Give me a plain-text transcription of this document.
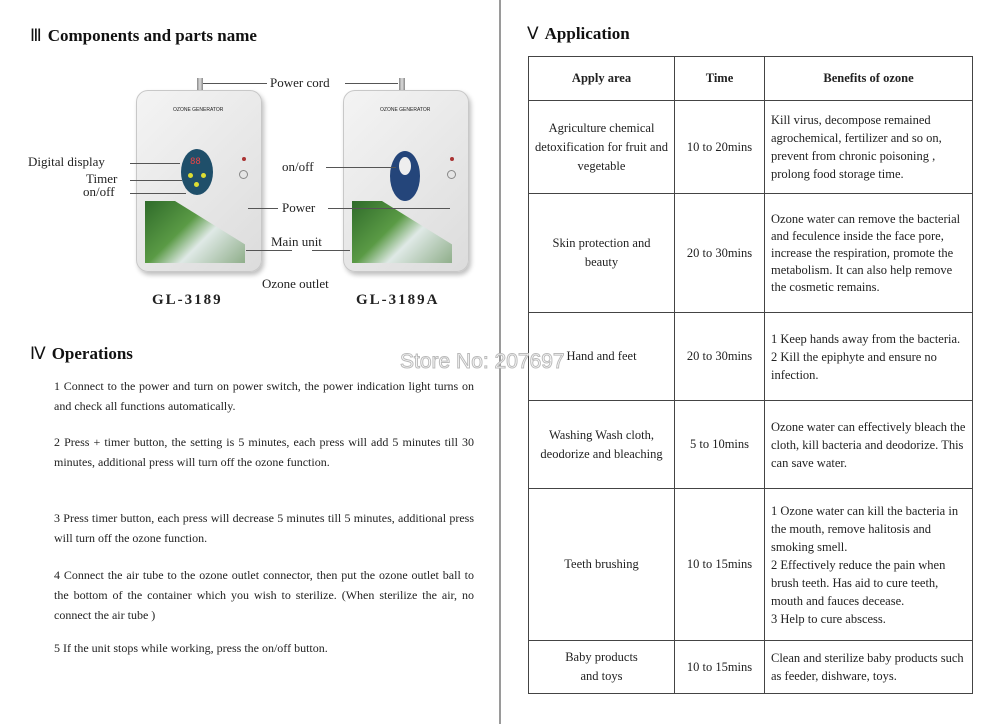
Ⅲ Components and parts name
OZONE GENERATOR
88
OZONE GENERATOR
Power cord
Digital display
Timer
on/off
on/off
Power
Main unit
Ozone outlet
GL-3189	GL-3189A
Ⅳ Operations
1 Connect to the power and turn on power switch, the power indication light turns on and check all functions automatically.
2 Press + timer button, the setting is 5 minutes, each press will add 5 minutes till 30 minutes, additional press will turn off the ozone function.
3 Press timer button, each press will decrease 5 minutes till 5 minutes, additional press will turn off the ozone function.
4 Connect the air tube to the ozone outlet connector, then put the ozone outlet ball to the bottom of the container which you wish to sterilize. (When sterilize the air, no connect the air tube )
5 If the unit stops while working, press the on/off button.
Ⅴ Application
Apply area	Time	Benefits of ozone
Agriculture chemical detoxification for fruit and vegetable	10 to 20mins	Kill virus, decompose remained agrochemical, fertilizer and so on, prevent from chronic poisoning , prolong food storage time.
Skin protection and beauty	20 to 30mins	Ozone water can remove the bacterial and feculence inside the face pore, increase the respiration, promote the metabolism. It can also help remove the cosmetic remains.
Hand and feet	20 to 30mins	1 Keep hands away from the bacteria.
2 Kill the epiphyte and ensure no infection.

Washing Wash cloth, deodorize and bleaching	5 to 10mins	Ozone water can effectively bleach the cloth, kill bacteria and deodorize. This can save water.
Teeth brushing	10 to 15mins	1 Ozone water can kill the bacteria in the mouth, remove halitosis and smoking smell.
2 Effectively reduce the pain when brush teeth. Has aid to cure teeth, mouth and fauces decease.
3 Help to cure abscess.

Baby products and toys	10 to 15mins	Clean and sterilize baby products such as feeder, dishware, toys.
Store No: 207697
